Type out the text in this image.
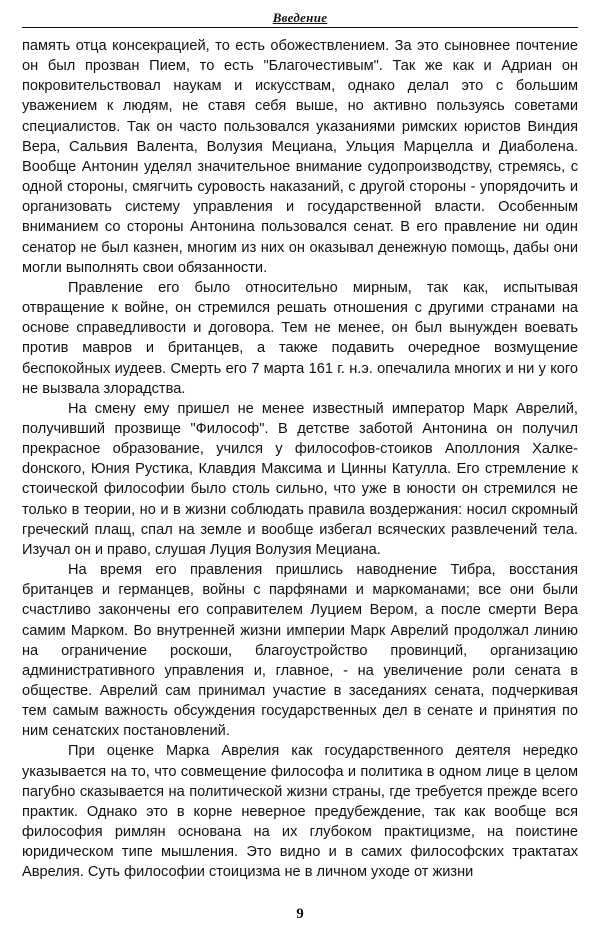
Введение

память отца консекрацией, то есть обожествлением. За это сыновнее почтение он был прозван Пием, то есть "Благочестивым". Так же как и Адриан он покровительствовал наукам и искусствам, однако делал это с большим уважением к людям, не ставя себя выше, но активно пользуясь советами специалистов. Так он часто пользовался указаниями римских юристов Виндия Вера, Сальвия Валента, Волузия Мециана, Ульция Марцелла и Диаболена. Вообще Антонин уделял значительное внимание судопроизводству, стремясь, с одной стороны, смягчить суровость наказаний, с другой стороны - упорядочить и организовать систему управления и государственной власти. Особенным вниманием со стороны Антонина пользовался сенат. В его правление ни один сенатор не был казнен, многим из них он оказывал денежную помощь, дабы они могли выполнять свои обязанности.

Правление его было относительно мирным, так как, испытывая отвращение к войне, он стремился решать отношения с другими странами на основе справедливости и договора. Тем не менее, он был вынужден воевать против мавров и британцев, а также подавить очередное возмущение беспокойных иудеев. Смерть его 7 марта 161 г. н.э. опечалила многих и ни у кого не вызвала злорадства.

На смену ему пришел не менее известный император Марк Аврелий, получивший прозвище "Философ". В детстве заботой Антонина он получил прекрасное образование, учился у философов-стоиков Аполлония Халкеdонского, Юния Рустика, Клавдия Максима и Цинны Катулла. Его стремление к стоической философии было столь сильно, что уже в юности он стремился не только в теории, но и в жизни соблюдать правила воздержания: носил скромный греческий плащ, спал на земле и вообще избегал всяческих развлечений тела. Изучал он и право, слушая Луция Волузия Мециана.

На время его правления пришлись наводнение Тибра, восстания британцев и германцев, войны с парфянами и маркоманами; все они были счастливо закончены его соправителем Луцием Вером, а после смерти Вера самим Марком. Во внутренней жизни империи Марк Аврелий продолжал линию на ограничение роскоши, благоустройство провинций, организацию административного управления и, главное, - на увеличение роли сената в обществе. Аврелий сам принимал участие в заседаниях сената, подчеркивая тем самым важность обсуждения государственных дел в сенате и принятия по ним сенатских постановлений.

При оценке Марка Аврелия как государственного деятеля нередко указывается на то, что совмещение философа и политика в одном лице в целом пагубно сказывается на политической жизни страны, где требуется прежде всего практик. Однако это в корне неверное предубеждение, так как вообще вся философия римлян основана на их глубоком практицизме, на поистине юридическом типе мышления. Это видно и в самих философских трактатах Аврелия. Суть философии стоицизма не в личном уходе от жизни

9
